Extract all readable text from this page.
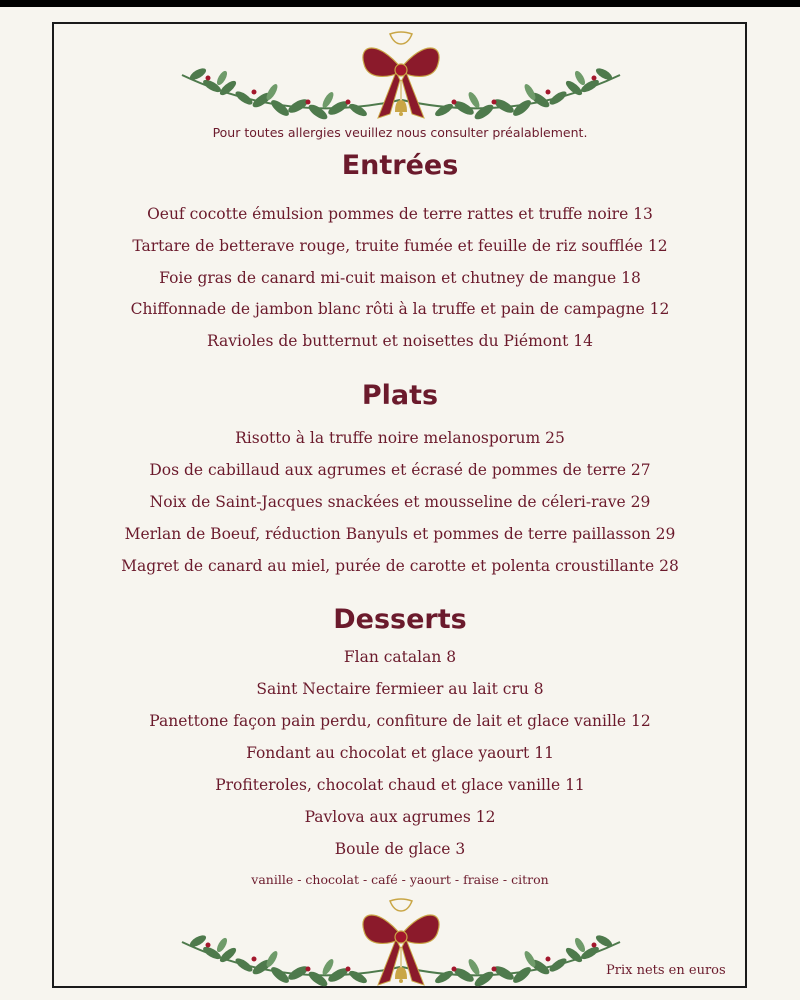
Pour toutes allergies veuillez nous consulter préalablement.
Entrées
Oeuf cocotte émulsion pommes de terre rattes et truffe noire 13
Tartare de betterave rouge, truite fumée et feuille de riz soufflée 12
Foie gras de canard mi-cuit maison et chutney de mangue 18
Chiffonnade de jambon blanc rôti à la truffe et pain de campagne 12
Ravioles de butternut et noisettes du Piémont 14
Plats
Risotto à la truffe noire melanosporum 25
Dos de cabillaud aux agrumes et écrasé de pommes de terre 27
Noix de Saint-Jacques snackées et mousseline de céleri-rave 29
Merlan de Boeuf, réduction Banyuls et pommes de terre paillasson 29
Magret de canard au miel, purée de carotte et polenta croustillante 28
Desserts
Flan catalan 8
Saint Nectaire fermieer au lait cru 8
Panettone façon pain perdu, confiture de lait et glace vanille 12
Fondant au chocolat et glace yaourt 11
Profiteroles, chocolat chaud et glace vanille 11
Pavlova aux agrumes 12
Boule de glace 3
vanille - chocolat - café - yaourt - fraise - citron
Prix nets en euros
